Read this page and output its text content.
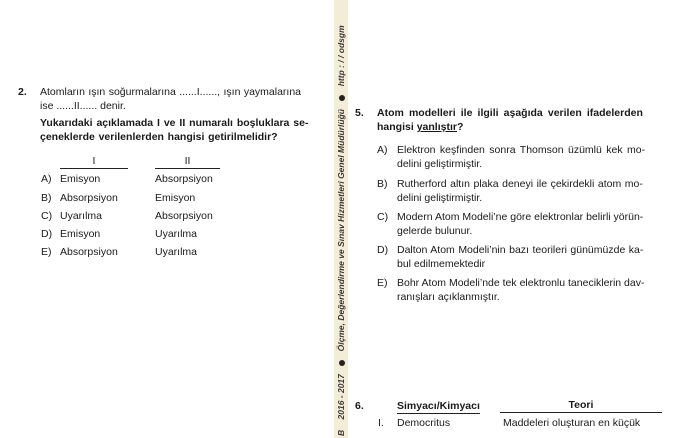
B 2016 - 2017  Ölçme, Değerlendirme ve Sınav Hizmetleri Genel Müdürlüğü  http : / / odsgm
2. Atomların ışın soğurmalarına ......I......, ışın yaymalarına
ise ......II...... denir.
Yukarıdaki açıklamada I ve II numaralı boşluklara se-
çeneklerde verilenlerden hangisi getirilmelidir?
I	II
A) Emisyon	Absorpsiyon
B) Absorpsiyon	Emisyon
C) Uyarılma	Absorpsiyon
D) Emisyon	Uyarılma
E) Absorpsiyon	Uyarılma
5. Atom modelleri ile ilgili aşağıda verilen ifadelerden
hangisi yanlıştır?
A) Elektron keşfinden sonra Thomson üzümlü kek mo-
delini geliştirmiştir.
B) Rutherford altın plaka deneyi ile çekirdekli atom mo-
delini geliştirmiştir.
C) Modern Atom Modeli’ne göre elektronlar belirli yörün-
gelerde bulunur.
D) Dalton Atom Modeli’nin bazı teorileri günümüzde ka-
bul edilmemektedir
E) Bohr Atom Modeli’nde tek elektronlu taneciklerin dav-
ranışları açıklanmıştır.
6.	Simyacı/Kimyacı	Teori
I. Democritus	Maddeleri oluşturan en küçük
